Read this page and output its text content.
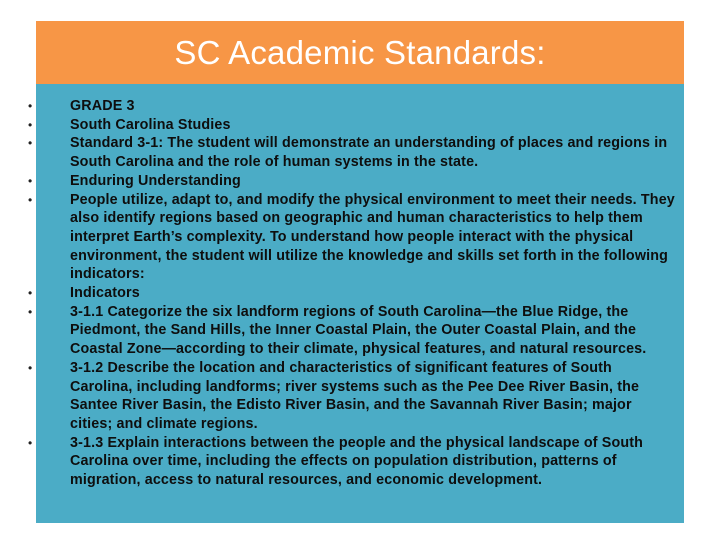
SC Academic Standards:
•	GRADE 3
•	South Carolina Studies
•	Standard 3-1: The student will demonstrate an understanding of places and regions in South Carolina and the role of human systems in the state.
•	Enduring Understanding
•	People utilize, adapt to, and modify the physical environment to meet their needs. They also identify regions based on geographic and human characteristics to help them interpret Earth’s complexity. To understand how people interact with the physical environment, the student will utilize the knowledge and skills set forth in the following indicators:
•	Indicators
•	3-1.1 Categorize the six landform regions of South Carolina—the Blue Ridge, the Piedmont, the Sand Hills, the Inner Coastal Plain, the Outer Coastal Plain, and the Coastal Zone—according to their climate, physical features, and natural resources.
•	3-1.2 Describe the location and characteristics of significant features of South Carolina, including landforms; river systems such as the Pee Dee River Basin, the Santee River Basin, the Edisto River Basin, and the Savannah River Basin; major cities; and climate regions.
•	3-1.3 Explain interactions between the people and the physical landscape of South Carolina over time, including the effects on population distribution, patterns of migration, access to natural resources, and economic development.
